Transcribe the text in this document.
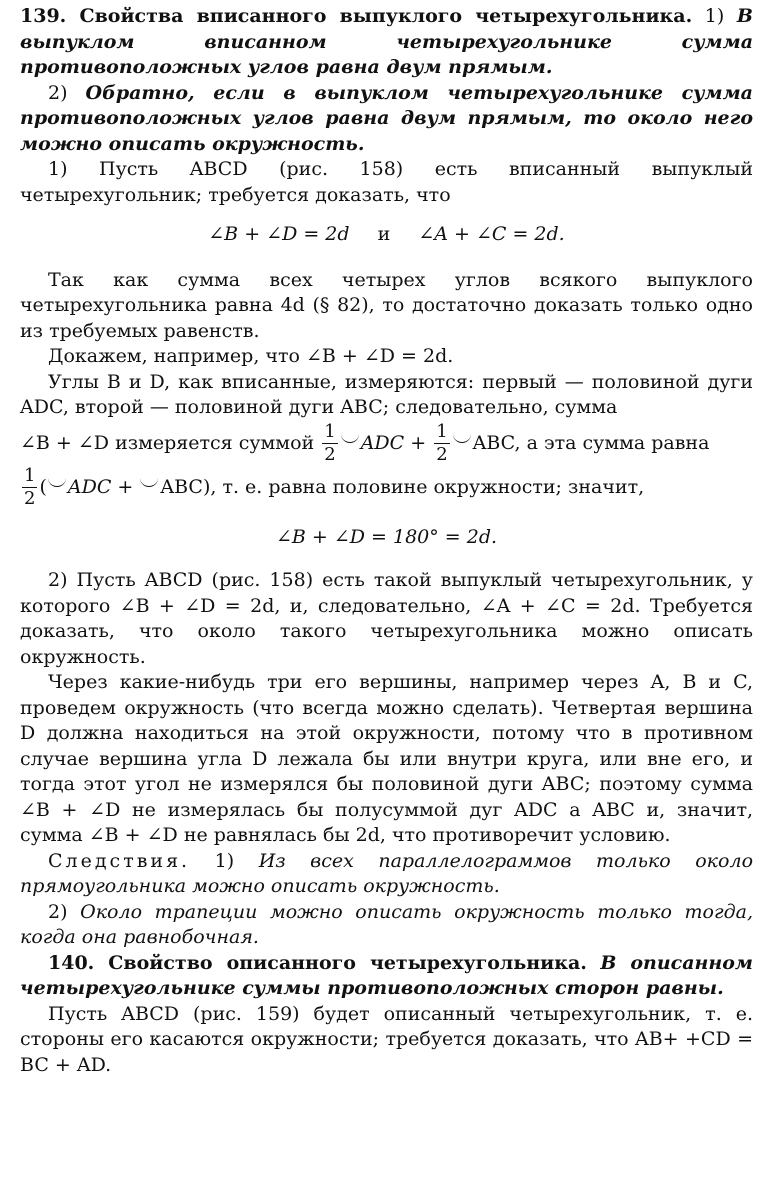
139. Свойства вписанного выпуклого четырехугольника. 1) В выпуклом вписанном четырехугольнике сумма противоположных углов равна двум прямым.

2) Обратно, если в выпуклом четырехугольнике сумма противоположных углов равна двум прямым, то около него можно описать окружность.

1) Пусть ABCD (рис. 158) есть вписанный выпуклый четырехугольник; требуется доказать, что

∠B + ∠D = 2d и ∠A + ∠C = 2d.

Так как сумма всех четырех углов всякого выпуклого четырехугольника равна 4d (§ 82), то достаточно доказать только одно из требуемых равенств.

Докажем, например, что ∠B + ∠D = 2d.

Углы B и D, как вписанные, измеряются: первый — половиной дуги ADC, второй — половиной дуги ABC; следовательно, сумма

∠B + ∠D измеряется суммой $\frac{1}{2}$ ADC + $\frac{1}{2}$ ABC, а эта сумма равна

$\frac{1}{2}$ ( ADC + ABC), т. е. равна половине окружности; значит,

∠B + ∠D = 180° = 2d.

2) Пусть ABCD (рис. 158) есть такой выпуклый четырехугольник, у которого ∠B + ∠D = 2d, и, следовательно, ∠A + ∠C = 2d. Требуется доказать, что около такого четырехугольника можно описать окружность.

Через какие-нибудь три его вершины, например через A, B и C, проведем окружность (что всегда можно сделать). Четвертая вершина D должна находиться на этой окружности, потому что в противном случае вершина угла D лежала бы или внутри круга, или вне его, и тогда этот угол не измерялся бы половиной дуги ABC; поэтому сумма ∠B + ∠D не измерялась бы полусуммой дуг ADC а ABC и, значит, сумма ∠B + ∠D не равнялась бы 2d, что противоречит условию.

Следствия. 1) Из всех параллелограммов только около прямоугольника можно описать окружность.

2) Около трапеции можно описать окружность только тогда, когда она равнобочная.

140. Свойство описанного четырехугольника. В описанном четырехугольнике суммы противоположных сторон равны.

Пусть ABCD (рис. 159) будет описанный четырехугольник, т. е. стороны его касаются окружности; требуется доказать, что AB+ +CD = BC + AD.
